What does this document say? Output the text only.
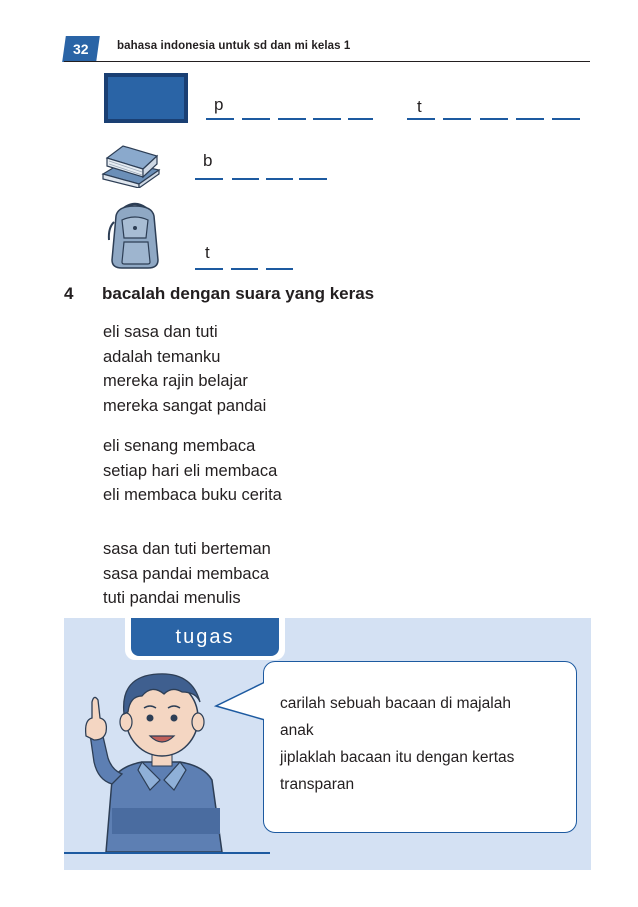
32 bahasa indonesia untuk sd dan mi kelas 1
p	t
b
t
4 bacalah dengan suara yang keras
eli sasa dan tuti
adalah temanku
mereka rajin belajar
mereka sangat pandai
eli senang membaca
setiap hari eli membaca
eli membaca buku cerita
sasa dan tuti berteman
sasa pandai membaca
tuti pandai menulis
tugas
carilah sebuah bacaan di majalah
anak
jiplaklah bacaan itu dengan kertas
transparan
